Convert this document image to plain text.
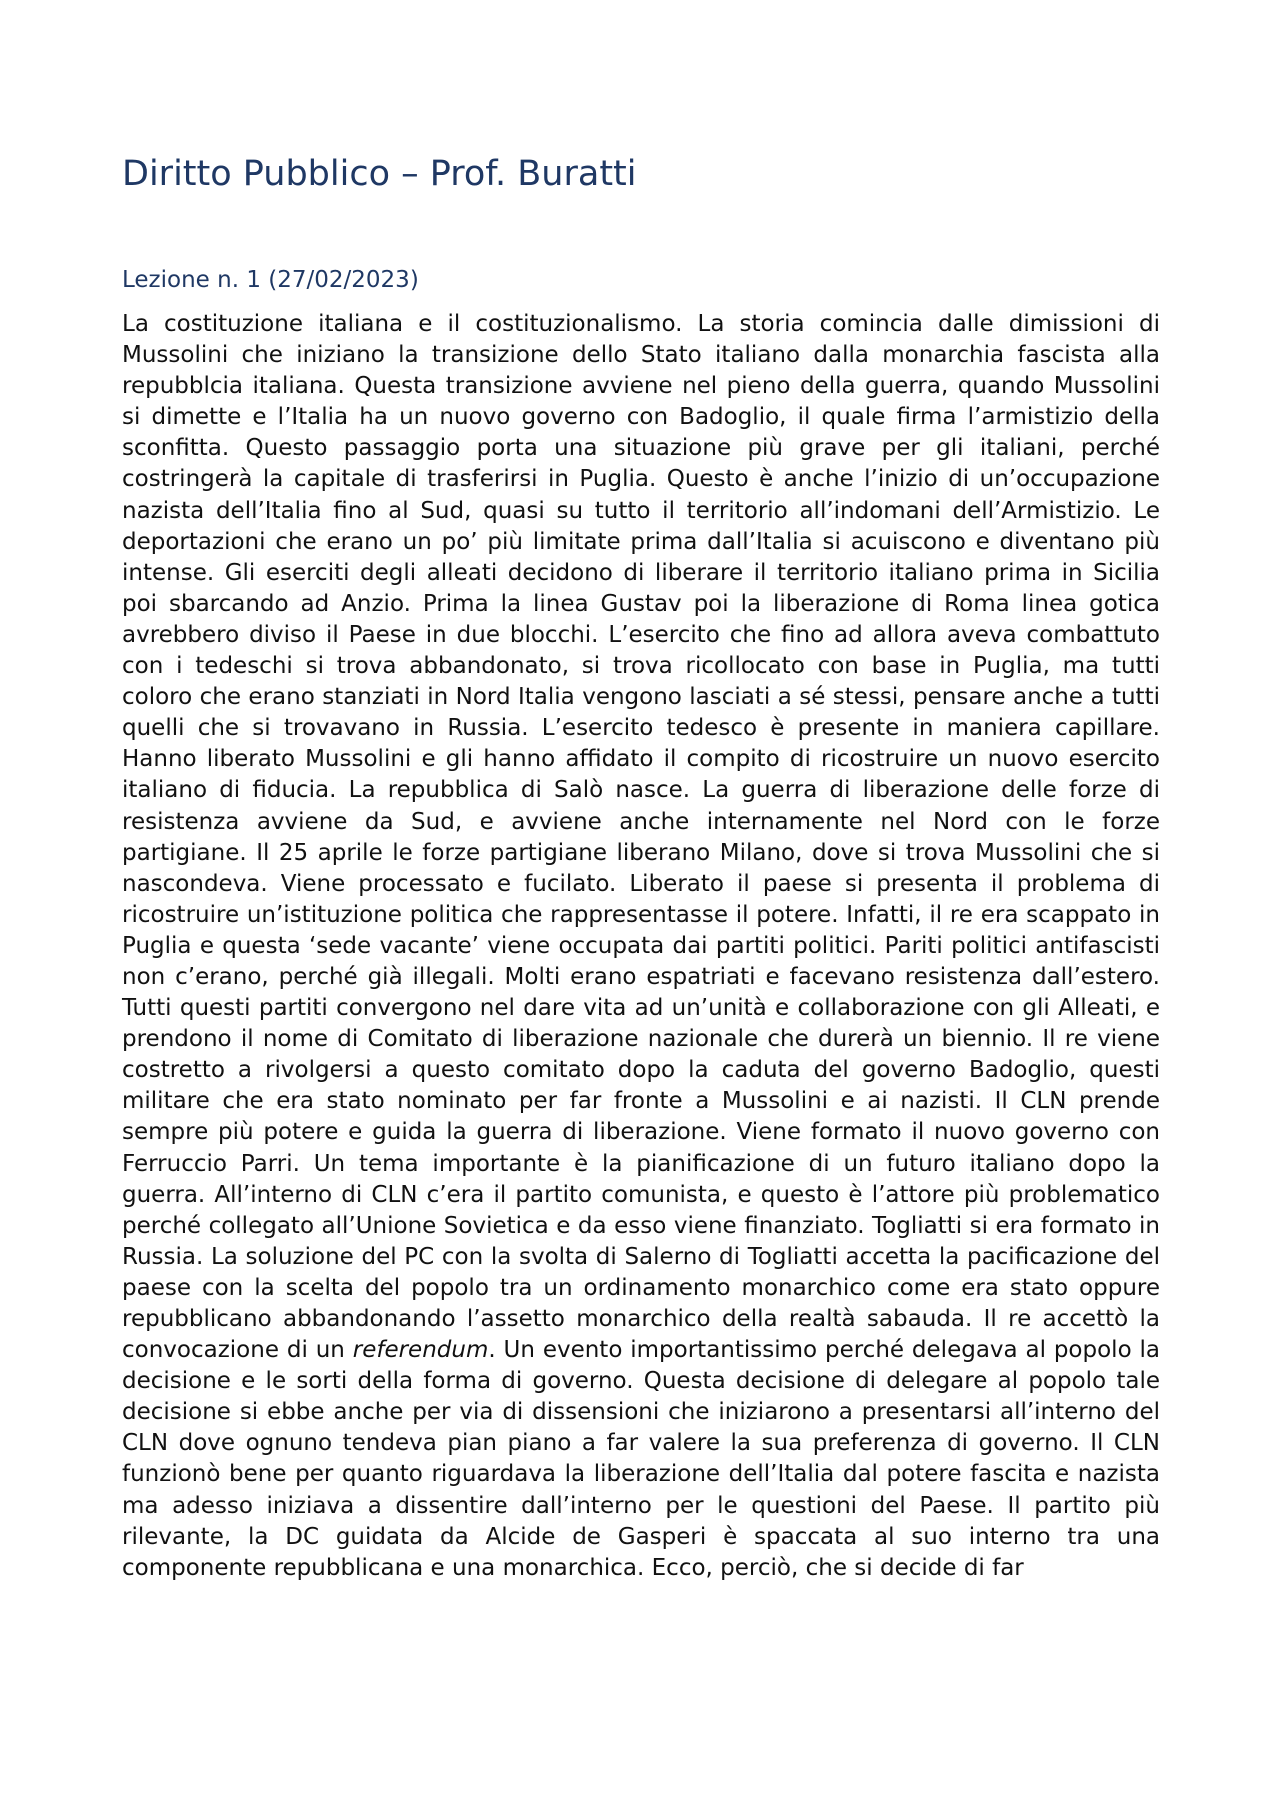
Diritto Pubblico – Prof. Buratti
Lezione n. 1 (27/02/2023)

La costituzione italiana e il costituzionalismo. La storia comincia dalle dimissioni di Mussolini che iniziano la transizione dello Stato italiano dalla monarchia fascista alla repubblcia italiana. Questa transizione avviene nel pieno della guerra, quando Mussolini si dimette e l’Italia ha un nuovo governo con Badoglio, il quale firma l’armistizio della sconfitta. Questo passaggio porta una situazione più grave per gli italiani, perché costringerà la capitale di trasferirsi in Puglia. Questo è anche l’inizio di un’occupazione nazista dell’Italia fino al Sud, quasi su tutto il territorio all’indomani dell’Armistizio. Le deportazioni che erano un po’ più limitate prima dall’Italia si acuiscono e diventano più intense. Gli eserciti degli alleati decidono di liberare il territorio italiano prima in Sicilia poi sbarcando ad Anzio. Prima la linea Gustav poi la liberazione di Roma linea gotica avrebbero diviso il Paese in due blocchi. L’esercito che fino ad allora aveva combattuto con i tedeschi si trova abbandonato, si trova ricollocato con base in Puglia, ma tutti coloro che erano stanziati in Nord Italia vengono lasciati a sé stessi, pensare anche a tutti quelli che si trovavano in Russia. L’esercito tedesco è presente in maniera capillare. Hanno liberato Mussolini e gli hanno affidato il compito di ricostruire un nuovo esercito italiano di fiducia. La repubblica di Salò nasce. La guerra di liberazione delle forze di resistenza avviene da Sud, e avviene anche internamente nel Nord con le forze partigiane. Il 25 aprile le forze partigiane liberano Milano, dove si trova Mussolini che si nascondeva. Viene processato e fucilato. Liberato il paese si presenta il problema di ricostruire un’istituzione politica che rappresentasse il potere. Infatti, il re era scappato in Puglia e questa ‘sede vacante’ viene occupata dai partiti politici. Pariti politici antifascisti non c’erano, perché già illegali. Molti erano espatriati e facevano resistenza dall’estero. Tutti questi partiti convergono nel dare vita ad un’unità e collaborazione con gli Alleati, e prendono il nome di Comitato di liberazione nazionale che durerà un biennio. Il re viene costretto a rivolgersi a questo comitato dopo la caduta del governo Badoglio, questi militare che era stato nominato per far fronte a Mussolini e ai nazisti. Il CLN prende sempre più potere e guida la guerra di liberazione. Viene formato il nuovo governo con Ferruccio Parri. Un tema importante è la pianificazione di un futuro italiano dopo la guerra. All’interno di CLN c’era il partito comunista, e questo è l’attore più problematico perché collegato all’Unione Sovietica e da esso viene finanziato. Togliatti si era formato in Russia. La soluzione del PC con la svolta di Salerno di Togliatti accetta la pacificazione del paese con la scelta del popolo tra un ordinamento monarchico come era stato oppure repubblicano abbandonando l’assetto monarchico della realtà sabauda. Il re accettò la convocazione di un referendum. Un evento importantissimo perché delegava al popolo la decisione e le sorti della forma di governo. Questa decisione di delegare al popolo tale decisione si ebbe anche per via di dissensioni che iniziarono a presentarsi all’interno del CLN dove ognuno tendeva pian piano a far valere la sua preferenza di governo. Il CLN funzionò bene per quanto riguardava la liberazione dell’Italia dal potere fascita e nazista ma adesso iniziava a dissentire dall’interno per le questioni del Paese. Il partito più rilevante, la DC guidata da Alcide de Gasperi è spaccata al suo interno tra una componente repubblicana e una monarchica. Ecco, perciò, che si decide di far
